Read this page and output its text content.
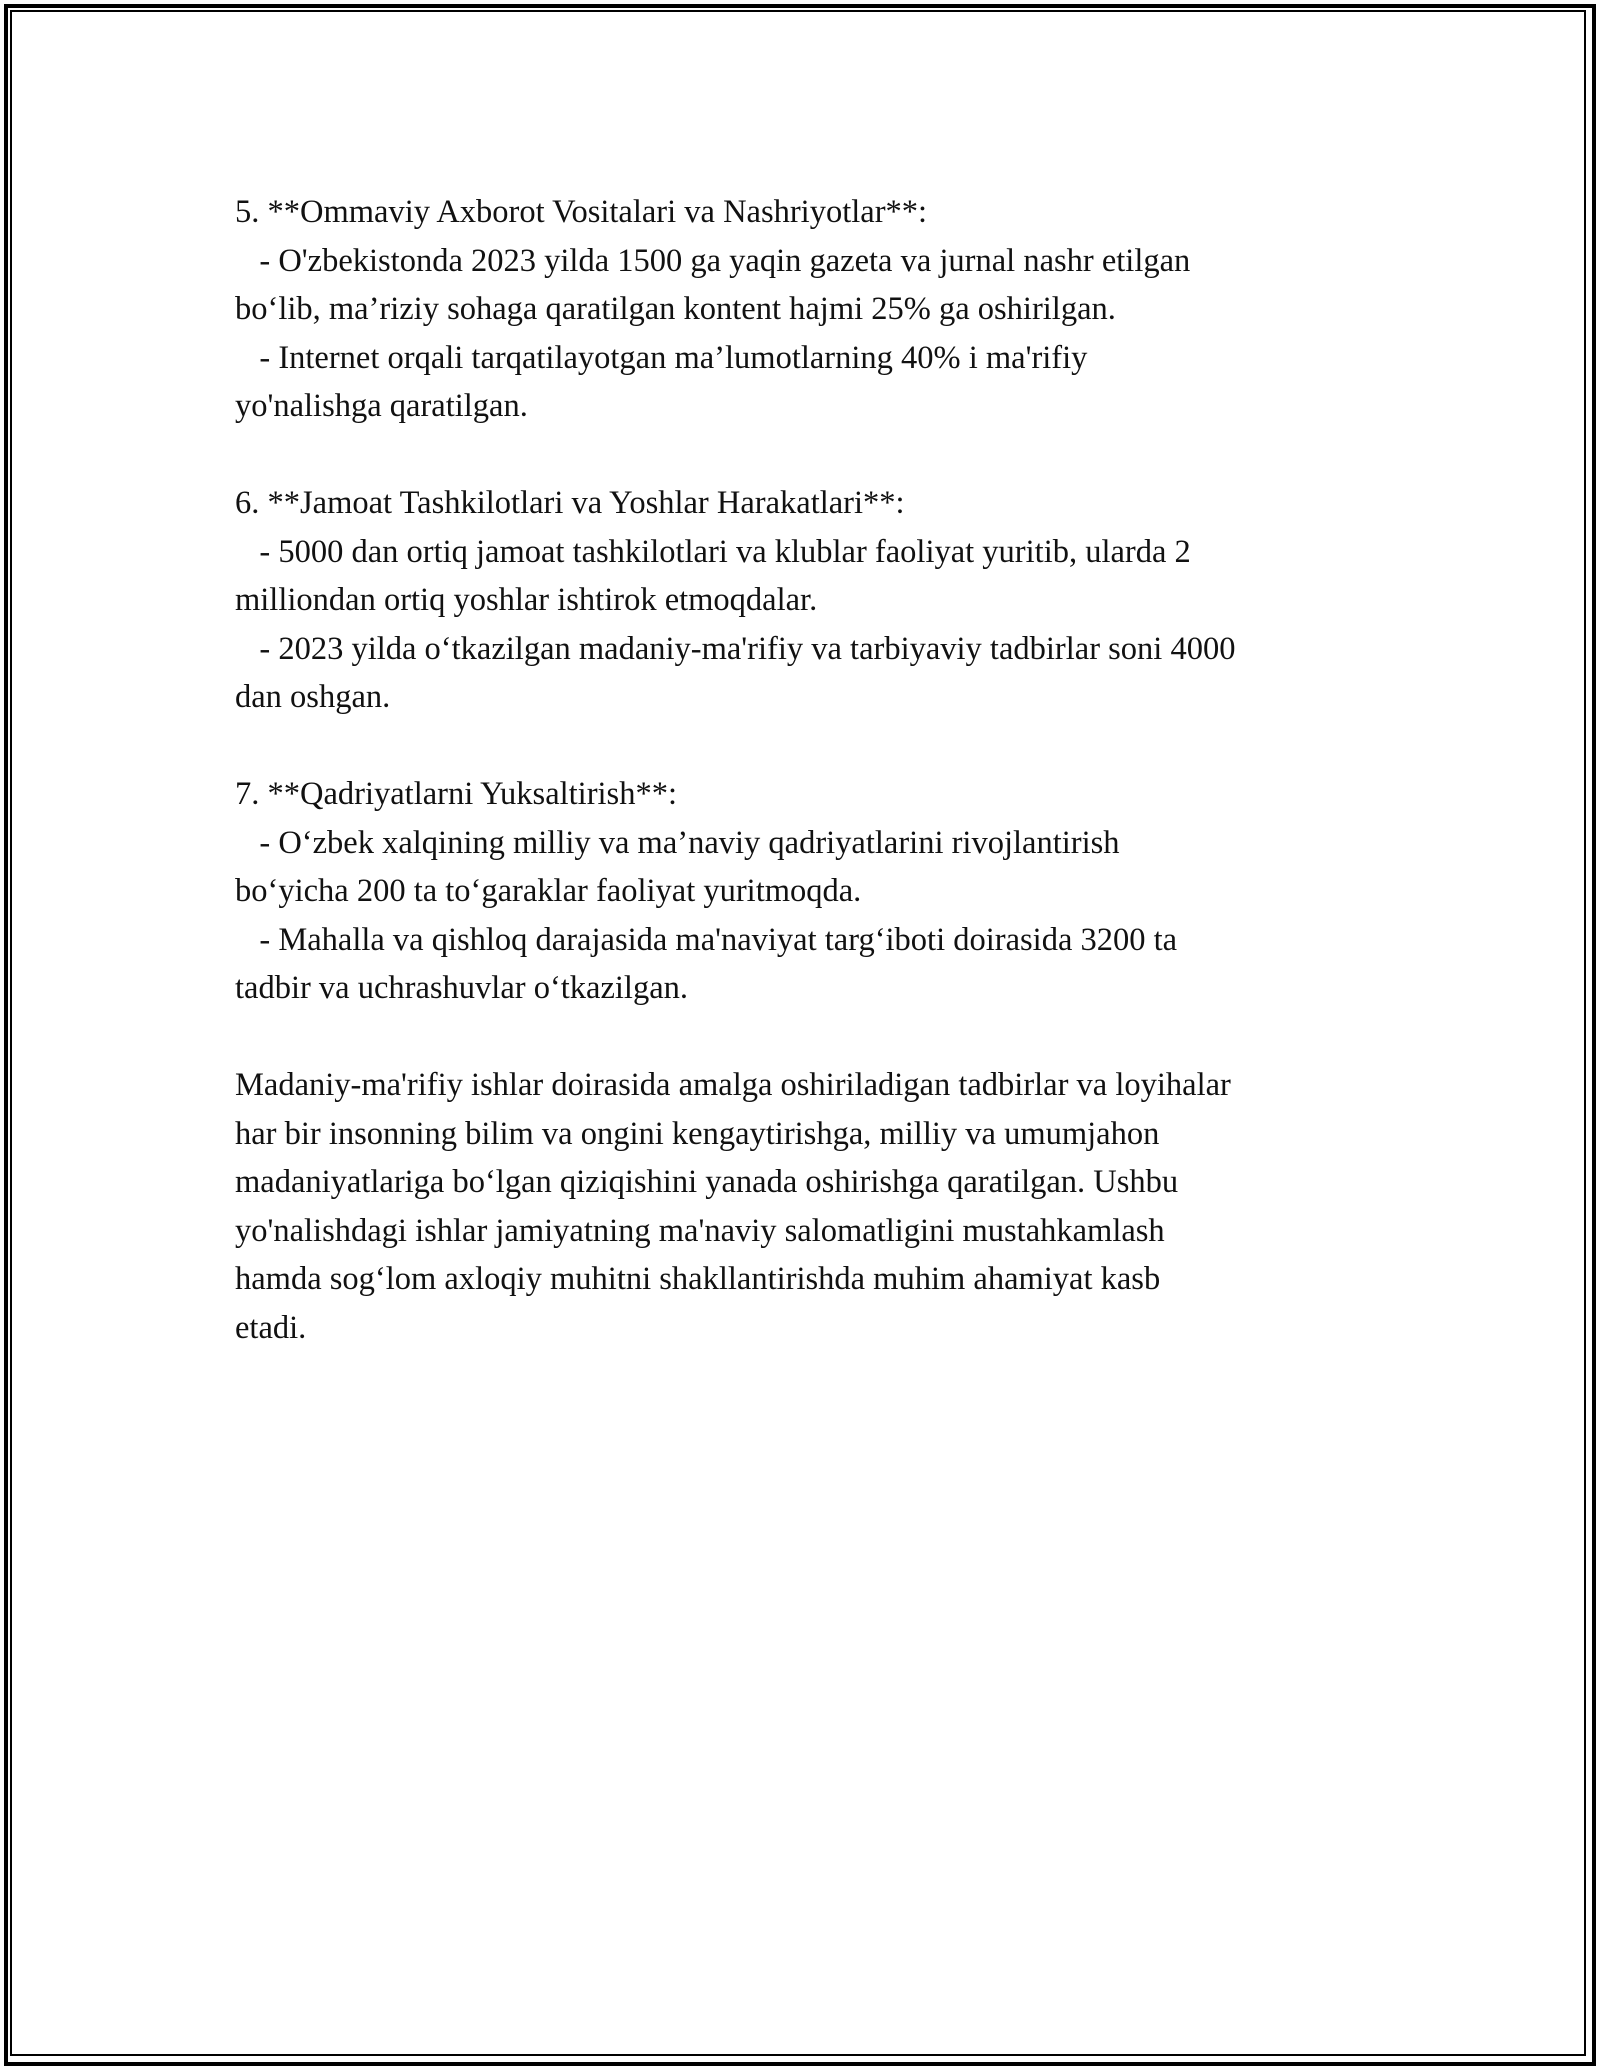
5. **Ommaviy Axborot Vositalari va Nashriyotlar**:
- O'zbekistonda 2023 yilda 1500 ga yaqin gazeta va jurnal nashr etilgan
bo‘lib, ma’riziy sohaga qaratilgan kontent hajmi 25% ga oshirilgan.
- Internet orqali tarqatilayotgan ma’lumotlarning 40% i ma'rifiy
yo'nalishga qaratilgan.
6. **Jamoat Tashkilotlari va Yoshlar Harakatlari**:
- 5000 dan ortiq jamoat tashkilotlari va klublar faoliyat yuritib, ularda 2
milliondan ortiq yoshlar ishtirok etmoqdalar.
- 2023 yilda o‘tkazilgan madaniy-ma'rifiy va tarbiyaviy tadbirlar soni 4000
dan oshgan.
7. **Qadriyatlarni Yuksaltirish**:
- O‘zbek xalqining milliy va ma’naviy qadriyatlarini rivojlantirish
bo‘yicha 200 ta to‘garaklar faoliyat yuritmoqda.
- Mahalla va qishloq darajasida ma'naviyat targ‘iboti doirasida 3200 ta
tadbir va uchrashuvlar o‘tkazilgan.
Madaniy-ma'rifiy ishlar doirasida amalga oshiriladigan tadbirlar va loyihalar
har bir insonning bilim va ongini kengaytirishga, milliy va umumjahon
madaniyatlariga bo‘lgan qiziqishini yanada oshirishga qaratilgan. Ushbu
yo'nalishdagi ishlar jamiyatning ma'naviy salomatligini mustahkamlash
hamda sog‘lom axloqiy muhitni shakllantirishda muhim ahamiyat kasb
etadi.
